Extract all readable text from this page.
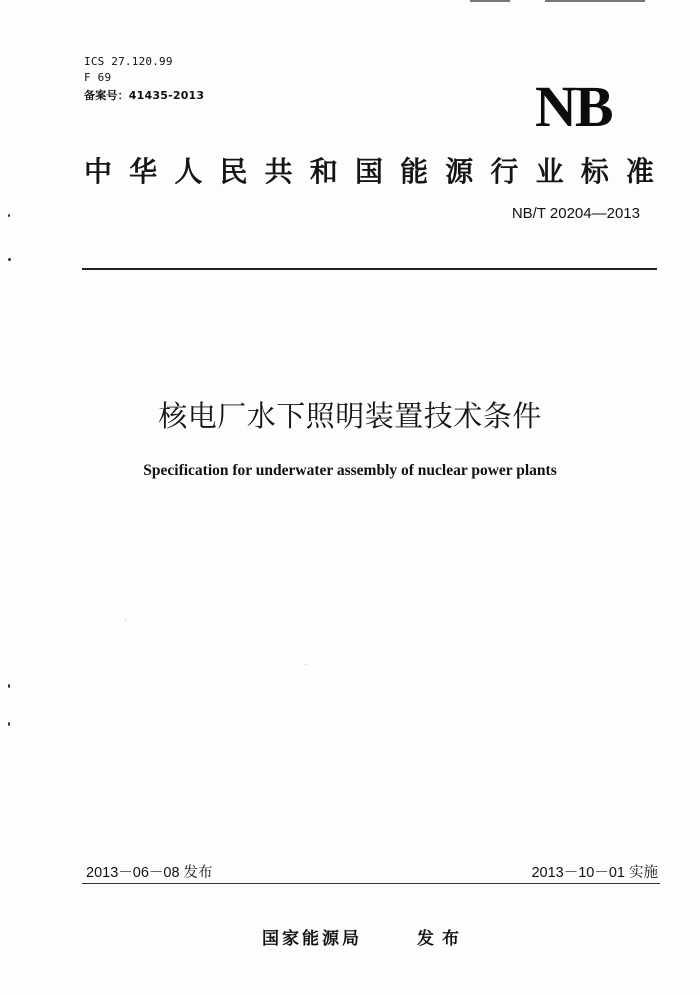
ICS 27.120.99
F 69
备案号：41435-2013	NB
中 华 人 民 共 和 国 能 源 行 业 标 准
NB/T 20204—2013
核电厂水下照明装置技术条件
Specification for underwater assembly of nuclear power plants
2013－06－08 发布	2013－10－01 实施
国家能源局	发布
